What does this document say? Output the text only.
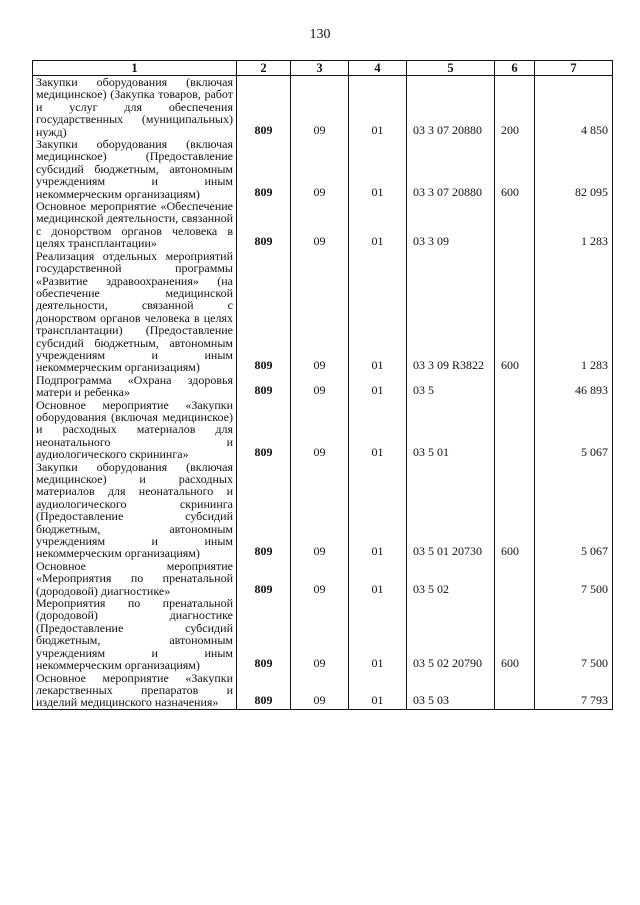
130
1	2	3	4	5	6	7
Закупки оборудования (включая медицинское) (Закупка товаров, работ и услуг для обеспечения государственных (муниципальных)
нужд)	809	09	01	03 3 07 20880	200	4 850
Закупки оборудования (включая медицинское) (Предоставление субсидий бюджетным, автономным учреждениям и иным
некоммерческим организациям)	809	09	01	03 3 07 20880	600	82 095
Основное мероприятие «Обеспечение медицинской деятельности, связанной с донорством органов человека в
целях трансплантации»	809	09	01	03 3 09		1 283
Реализация отдельных мероприятий государственной программы «Развитие здравоохранения» (на обеспечение медицинской деятельности, связанной с донорством органов человека в целях трансплантации) (Предоставление субсидий бюджетным, автономным учреждениям и иным
некоммерческим организациям)	809	09	01	03 3 09 R3822	600	1 283
Подпрограмма «Охрана здоровья
матери и ребенка»	809	09	01	03 5		46 893
Основное мероприятие «Закупки оборудования (включая медицинское) и расходных материалов для неонатального и
аудиологического скрининга»	809	09	01	03 5 01		5 067
Закупки оборудования (включая медицинское) и расходных материалов для неонатального и аудиологического скрининга (Предоставление субсидий бюджетным, автономным учреждениям и иным
некоммерческим организациям)	809	09	01	03 5 01 20730	600	5 067
Основное мероприятие «Мероприятия по пренатальной
(дородовой) диагностике»	809	09	01	03 5 02		7 500
Мероприятия по пренатальной (дородовой) диагностике (Предоставление субсидий бюджетным, автономным учреждениям и иным
некоммерческим организациям)	809	09	01	03 5 02 20790	600	7 500
Основное мероприятие «Закупки лекарственных препаратов и
изделий медицинского назначения»	809	09	01	03 5 03		7 793
